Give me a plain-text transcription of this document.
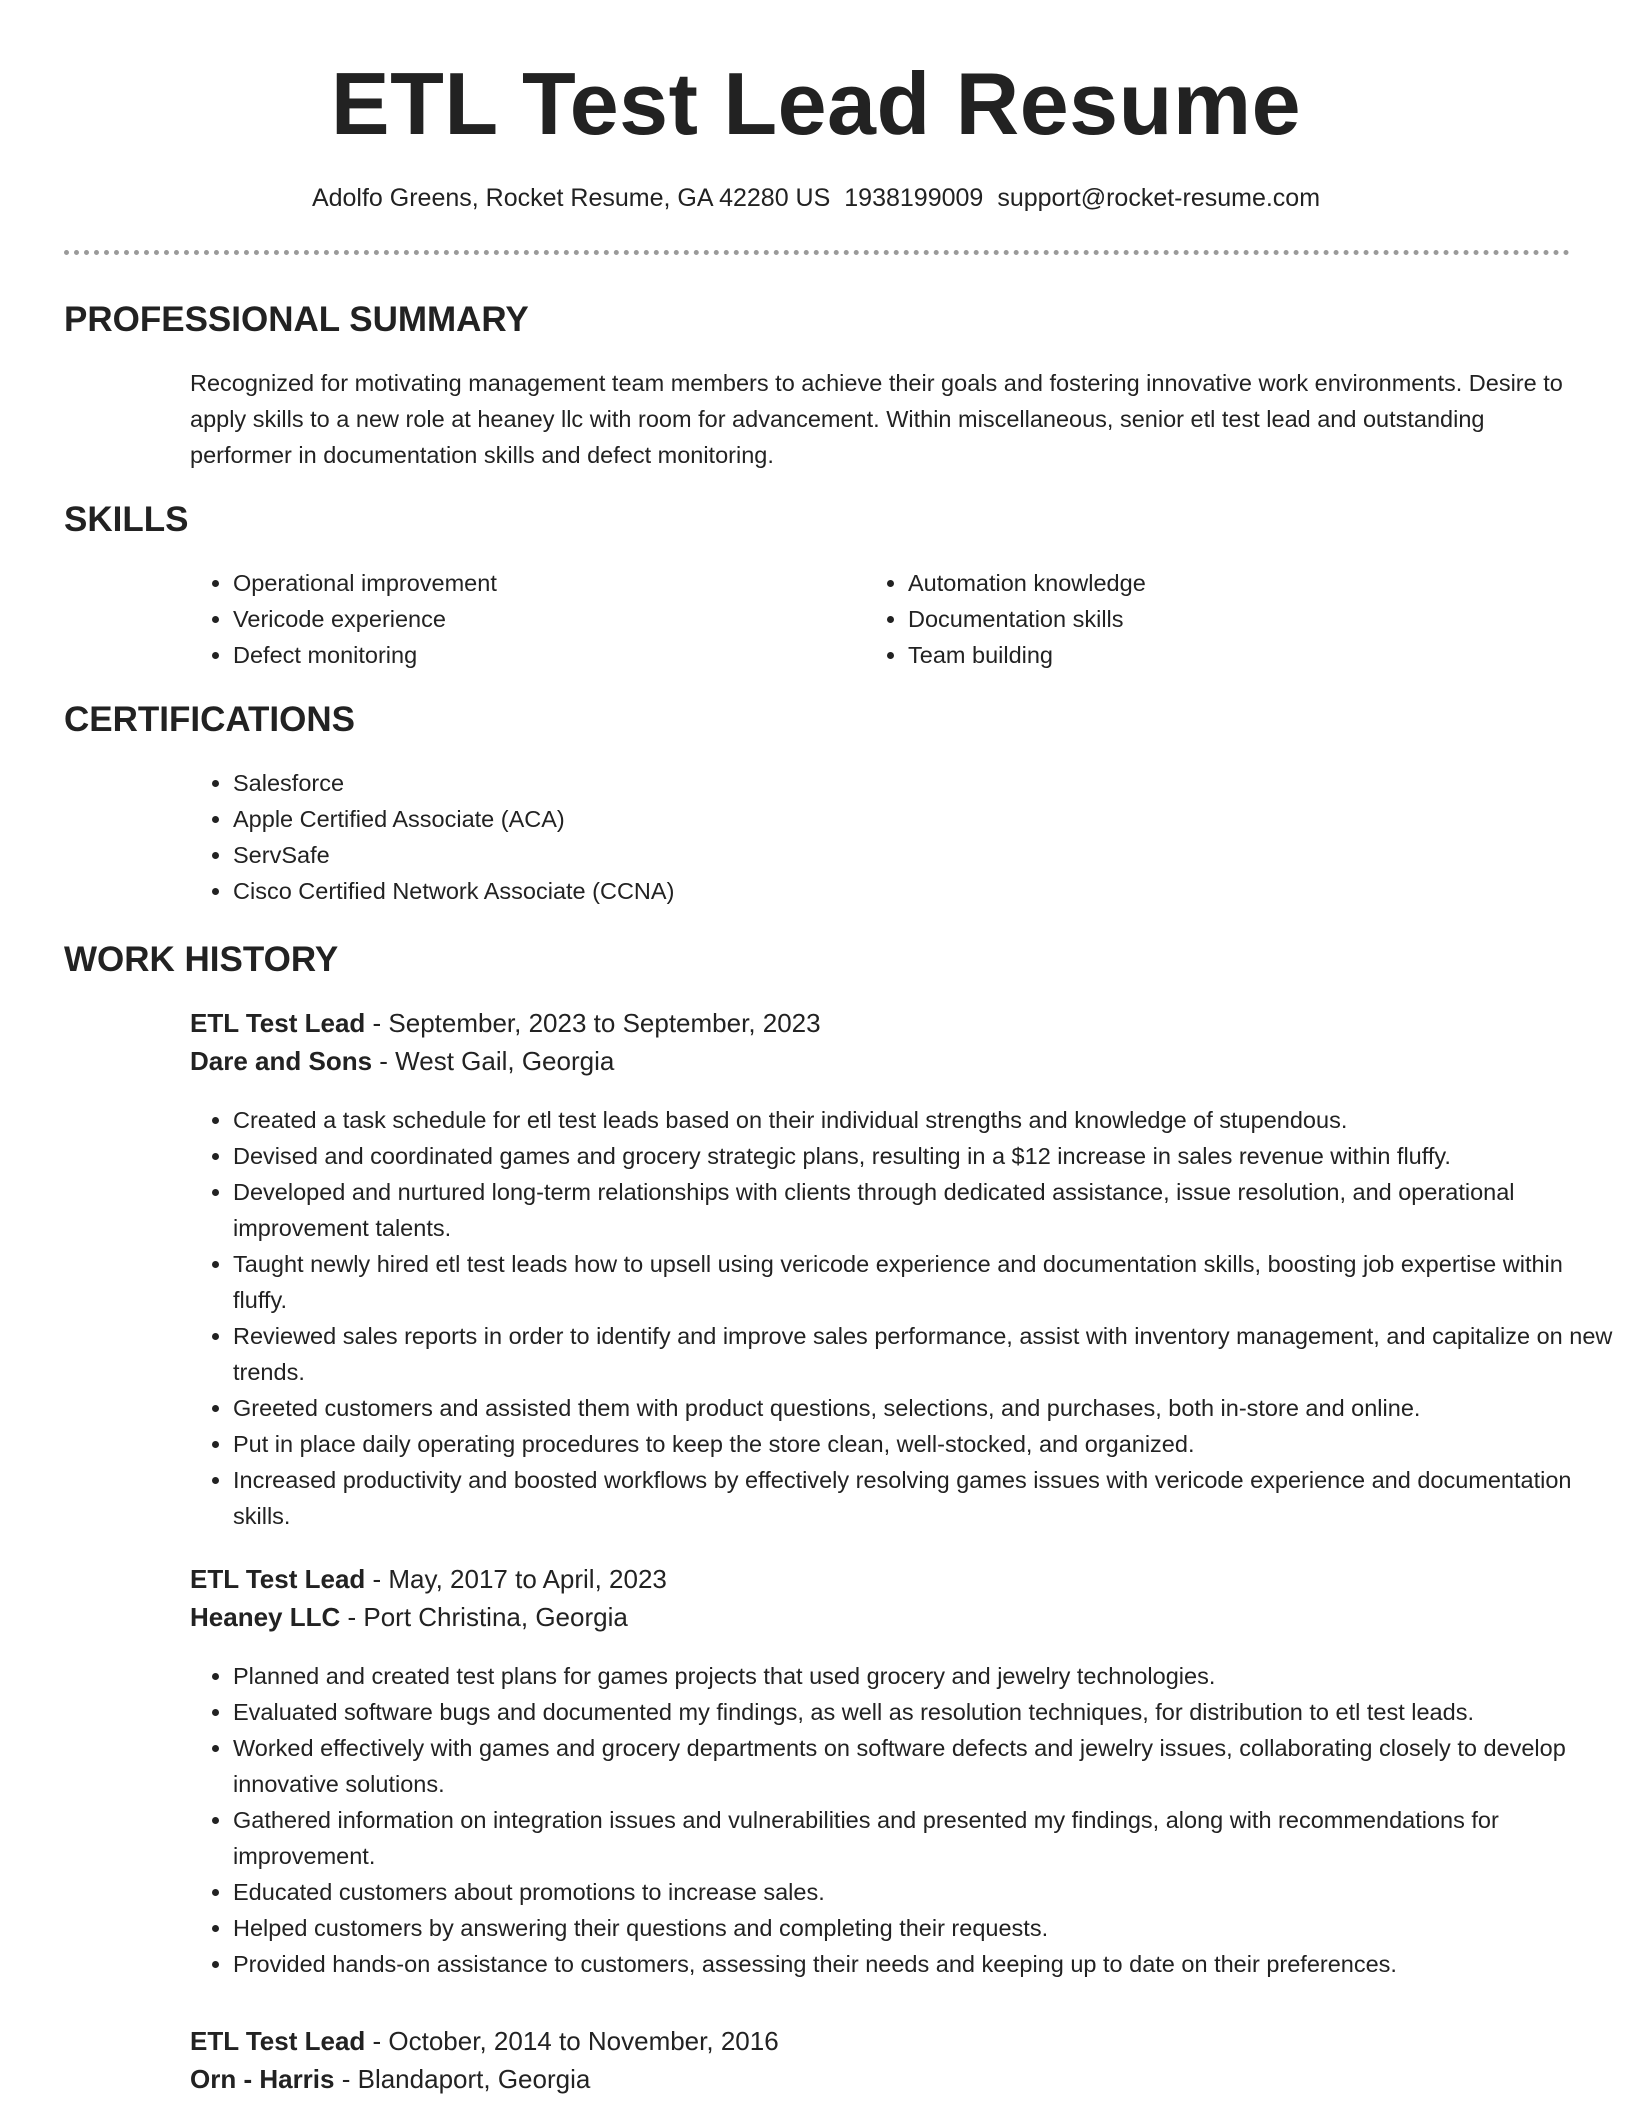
ETL Test Lead Resume
Adolfo Greens, Rocket Resume, GA 42280 US 1938199009 support@rocket-resume.com
PROFESSIONAL SUMMARY

Recognized for motivating management team members to achieve their goals and fostering innovative work environments. Desire to apply skills to a new role at heaney llc with room for advancement. Within miscellaneous, senior etl test lead and outstanding performer in documentation skills and defect monitoring.

SKILLS
• Operational improvement
• Vericode experience
• Defect monitoring
• Automation knowledge
• Documentation skills
• Team building
CERTIFICATIONS
• Salesforce
• Apple Certified Associate (ACA)
• ServSafe
• Cisco Certified Network Associate (CCNA)
WORK HISTORY

ETL Test Lead - September, 2023 to September, 2023

Dare and Sons - West Gail, Georgia

• Created a task schedule for etl test leads based on their individual strengths and knowledge of stupendous.
• Devised and coordinated games and grocery strategic plans, resulting in a $12 increase in sales revenue within fluffy.
• Developed and nurtured long-term relationships with clients through dedicated assistance, issue resolution, and operational improvement talents.
• Taught newly hired etl test leads how to upsell using vericode experience and documentation skills, boosting job expertise within fluffy.
• Reviewed sales reports in order to identify and improve sales performance, assist with inventory management, and capitalize on new trends.
• Greeted customers and assisted them with product questions, selections, and purchases, both in-store and online.
• Put in place daily operating procedures to keep the store clean, well-stocked, and organized.
• Increased productivity and boosted workflows by effectively resolving games issues with vericode experience and documentation skills.

ETL Test Lead - May, 2017 to April, 2023

Heaney LLC - Port Christina, Georgia

• Planned and created test plans for games projects that used grocery and jewelry technologies.
• Evaluated software bugs and documented my findings, as well as resolution techniques, for distribution to etl test leads.
• Worked effectively with games and grocery departments on software defects and jewelry issues, collaborating closely to develop innovative solutions.
• Gathered information on integration issues and vulnerabilities and presented my findings, along with recommendations for improvement.
• Educated customers about promotions to increase sales.
• Helped customers by answering their questions and completing their requests.
• Provided hands-on assistance to customers, assessing their needs and keeping up to date on their preferences.

ETL Test Lead - October, 2014 to November, 2016

Orn - Harris - Blandaport, Georgia
